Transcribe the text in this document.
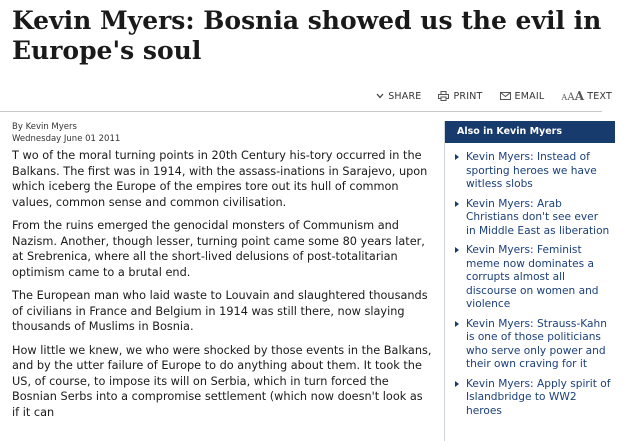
Kevin Myers: Bosnia showed us the evil in Europe's soul
SHARE	PRINT	EMAIL AAA TEXT
By Kevin Myers
Wednesday June 01 2011

T wo of the moral turning points in 20th Century his-tory occurred in the Balkans. The first was in 1914, with the assass-inations in Sarajevo, upon which iceberg the Europe of the empires tore out its hull of common values, common sense and common civilisation.

From the ruins emerged the genocidal monsters of Communism and Nazism. Another, though lesser, turning point came some 80 years later, at Srebrenica, where all the short-lived delusions of post-totalitarian optimism came to a brutal end.

The European man who laid waste to Louvain and slaughtered thousands of civilians in France and Belgium in 1914 was still there, now slaying thousands of Muslims in Bosnia.

How little we knew, we who were shocked by those events in the Balkans, and by the utter failure of Europe to do anything about them. It took the US, of course, to impose its will on Serbia, which in turn forced the Bosnian Serbs into a compromise settlement (which now doesn't look as if it can

Also in Kevin Myers
Kevin Myers: Instead of sporting heroes we have witless slobs
Kevin Myers: Arab Christians don't see ever in Middle East as liberation
Kevin Myers: Feminist meme now dominates a corrupts almost all discourse on women and violence
Kevin Myers: Strauss-Kahn is one of those politicians who serve only power and their own craving for it
Kevin Myers: Apply spirit of Islandbridge to WW2 heroes
